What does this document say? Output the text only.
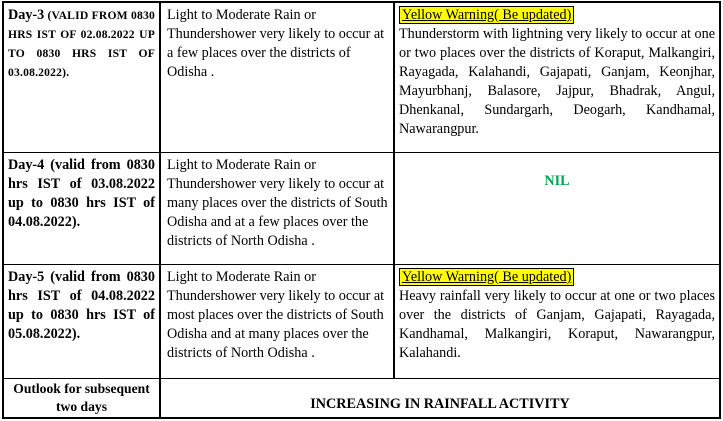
Day-3 (VALID FROM 0830 HRS IST OF 02.08.2022 UP TO 0830 HRS IST OF 03.08.2022).
Light to Moderate Rain or Thundershower very likely to occur at a few places over the districts of Odisha .
Yellow Warning( Be updated)
Thunderstorm with lightning very likely to occur at one or two places over the districts of Koraput, Malkangiri, Rayagada, Kalahandi, Gajapati, Ganjam, Keonjhar, Mayurbhanj, Balasore, Jajpur, Bhadrak, Angul, Dhenkanal, Sundargarh, Deogarh, Kandhamal, Nawarangpur.
Day-4 (valid from 0830 hrs IST of 03.08.2022 up to 0830 hrs IST of 04.08.2022).
Light to Moderate Rain or Thundershower very likely to occur at many places over the districts of South Odisha and at a few places over the districts of North Odisha .
NIL
Day-5 (valid from 0830 hrs IST of 04.08.2022 up to 0830 hrs IST of 05.08.2022).
Light to Moderate Rain or Thundershower very likely to occur at most places over the districts of South Odisha and at many places over the districts of North Odisha .
Yellow Warning( Be updated)
Heavy rainfall very likely to occur at one or two places over the districts of Ganjam, Gajapati, Rayagada, Kandhamal, Malkangiri, Koraput, Nawarangpur, Kalahandi.
Outlook for subsequent two days	INCREASING IN RAINFALL ACTIVITY
